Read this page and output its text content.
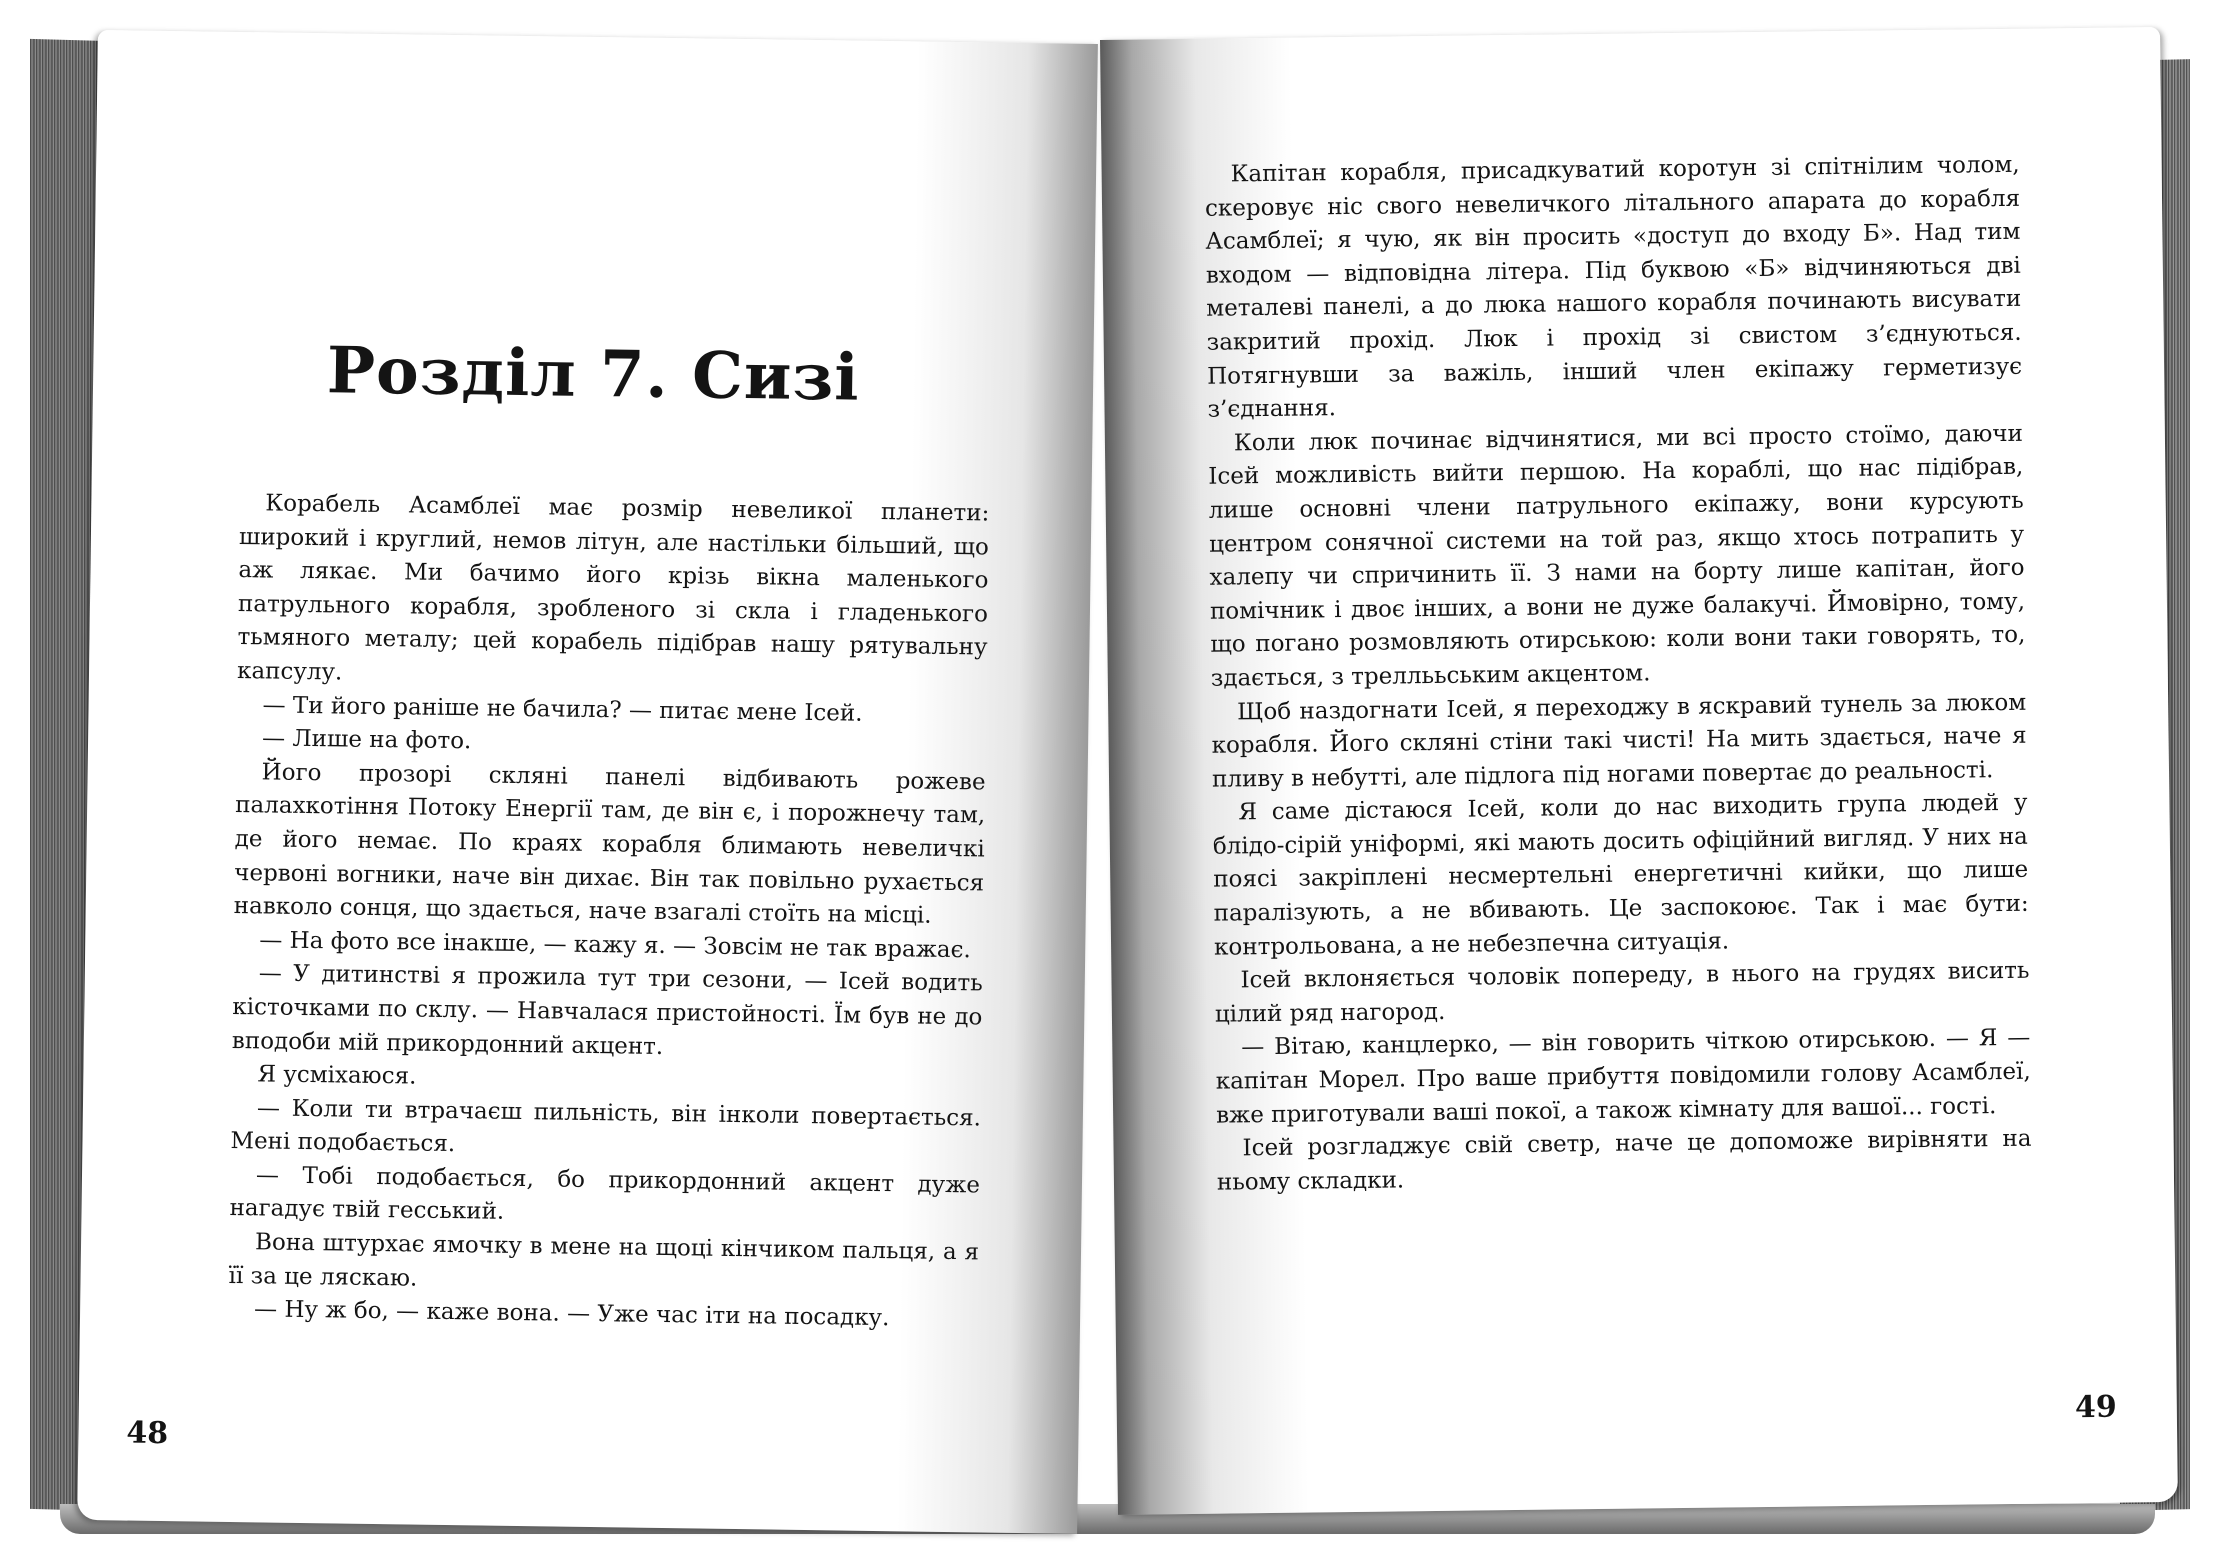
Розділ 7. Сизі

Корабель Асамблеї має розмір невеликої планети: широкий і круглий, немов літун, але настільки більший, що аж лякає. Ми бачимо його крізь вікна маленького патрульного корабля, зробленого зі скла і гладенького тьмяного металу; цей корабель підібрав нашу рятувальну капсулу.

— Ти його раніше не бачила? — питає мене Ісей.

— Лише на фото.

Його прозорі скляні панелі відбивають рожеве палахкотіння Потоку Енергії там, де він є, і порожнечу там, де його немає. По краях корабля блимають невеличкі червоні вогники, наче він дихає. Він так повільно рухається навколо сонця, що здається, наче взагалі стоїть на місці.

— На фото все інакше, — кажу я. — Зовсім не так вражає.

— У дитинстві я прожила тут три сезони, — Ісей водить кісточками по склу. — Навчалася пристойності. Їм був не до вподоби мій прикордонний акцент.

Я усміхаюся.

— Коли ти втрачаєш пильність, він інколи повертається. Мені подобається.

— Тобі подобається, бо прикордонний акцент дуже нагадує твій гесський.

Вона штурхає ямочку в мене на щоці кінчиком пальця, а я її за це ляскаю.

— Ну ж бо, — каже вона. — Уже час іти на посадку.

48

Капітан корабля, присадкуватий коротун зі спітнілим чолом, скеровує ніс свого невеличкого літального апарата до корабля Асамблеї; я чую, як він просить «доступ до входу Б». Над тим входом — відповідна літера. Під буквою «Б» відчиняються дві металеві панелі, а до люка нашого корабля починають висувати закритий прохід. Люк і прохід зі свистом з’єднуються. Потягнувши за важіль, інший член екіпажу герметизує з’єднання.

Коли люк починає відчинятися, ми всі просто стоїмо, даючи Ісей можливість вийти першою. На кораблі, що нас підібрав, лише основні члени патрульного екіпажу, вони курсують центром сонячної системи на той раз, якщо хтось потрапить у халепу чи спричинить її. З нами на борту лише капітан, його помічник і двоє інших, а вони не дуже балакучі. Ймовірно, тому, що погано розмовляють отирською: коли вони таки говорять, то, здається, з треллььським акцентом.

Щоб наздогнати Ісей, я переходжу в яскравий тунель за люком корабля. Його скляні стіни такі чисті! На мить здається, наче я пливу в небутті, але підлога під ногами повертає до реальності.

Я саме дістаюся Ісей, коли до нас виходить група людей у блідо-сірій уніформі, які мають досить офіційний вигляд. У них на поясі закріплені несмертельні енергетичні кийки, що лише паралізують, а не вбивають. Це заспокоює. Так і має бути: контрольована, а не небезпечна ситуація.

Ісей вклоняється чоловік попереду, в нього на грудях висить цілий ряд нагород.

— Вітаю, канцлерко, — він говорить чіткою отирською. — Я — капітан Морел. Про ваше прибуття повідомили голову Асамблеї, вже приготували ваші покої, а також кімнату для вашої... гості.

Ісей розгладжує свій светр, наче це допоможе вирівняти на ньому складки.

49
